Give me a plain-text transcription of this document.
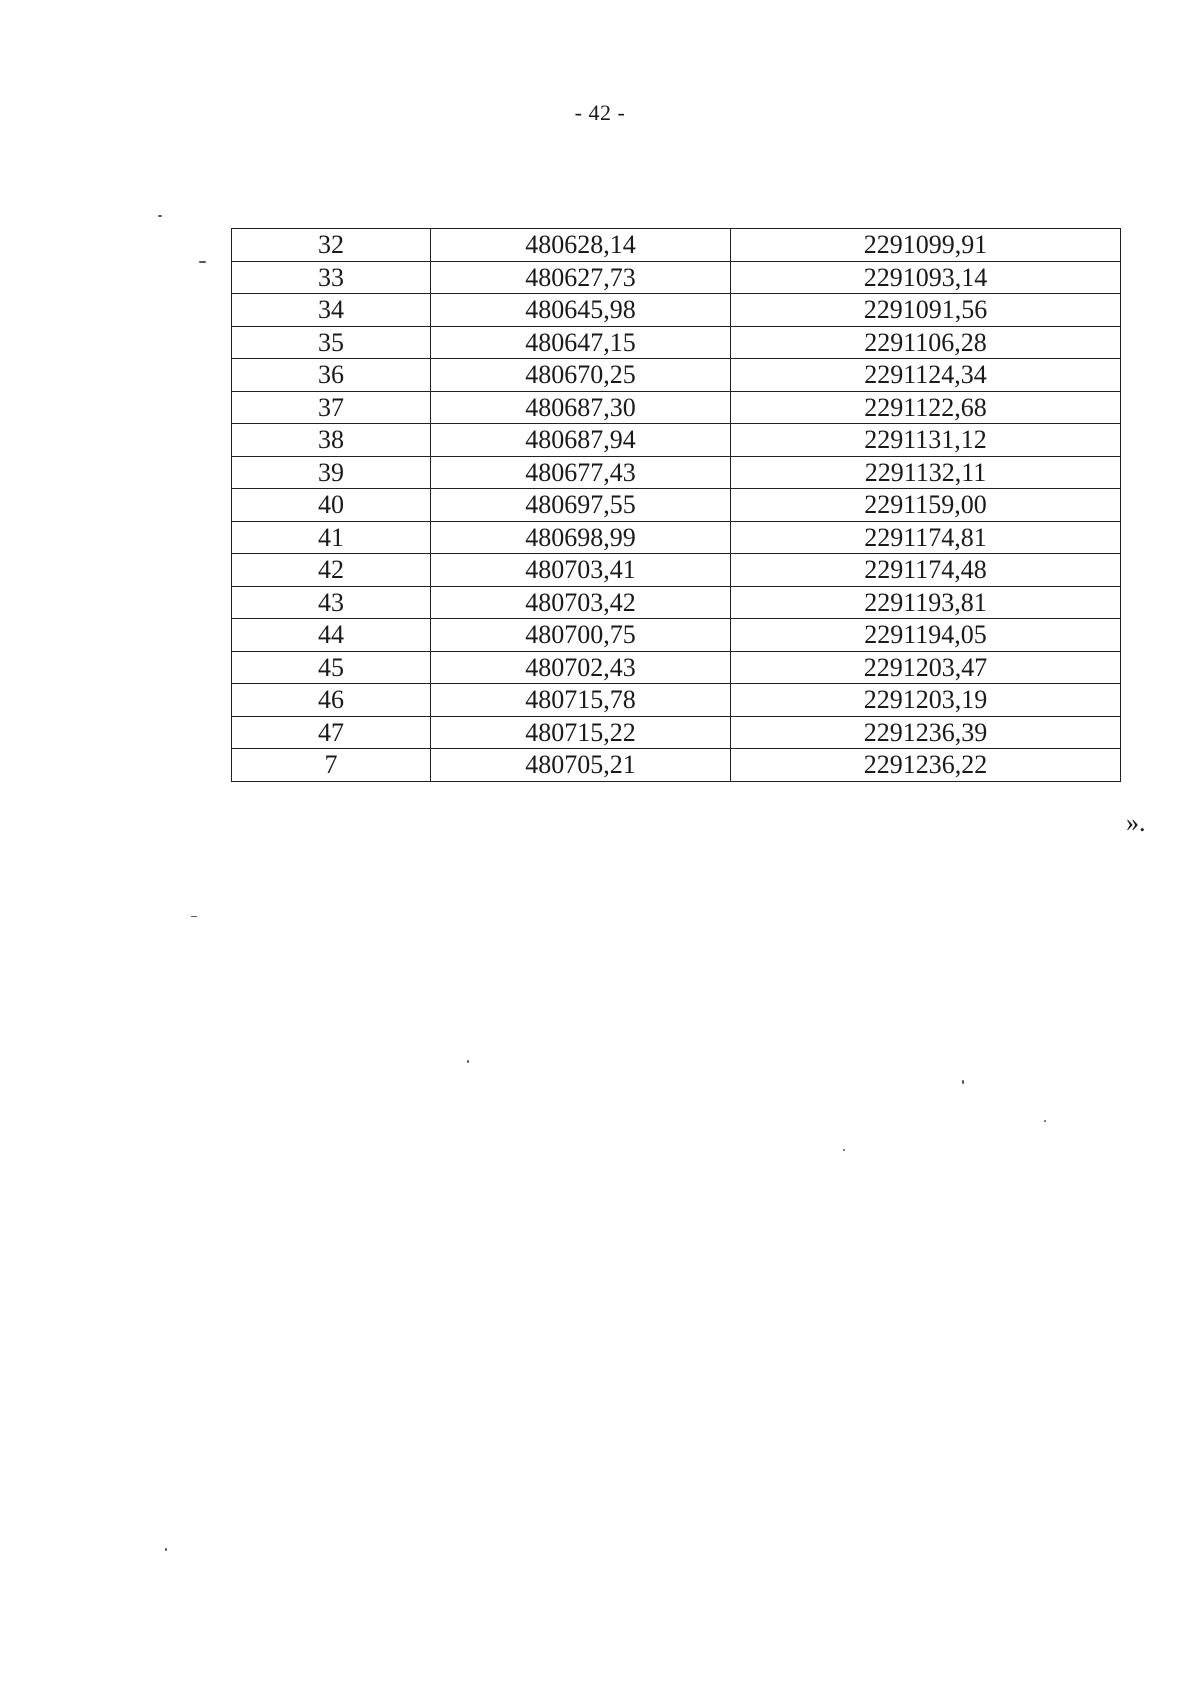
- 42 -
32	480628,14	2291099,91
33	480627,73	2291093,14
34	480645,98	2291091,56
35	480647,15	2291106,28
36	480670,25	2291124,34
37	480687,30	2291122,68
38	480687,94	2291131,12
39	480677,43	2291132,11
40	480697,55	2291159,00
41	480698,99	2291174,81
42	480703,41	2291174,48
43	480703,42	2291193,81
44	480700,75	2291194,05
45	480702,43	2291203,47
46	480715,78	2291203,19
47	480715,22	2291236,39
7	480705,21	2291236,22
».
